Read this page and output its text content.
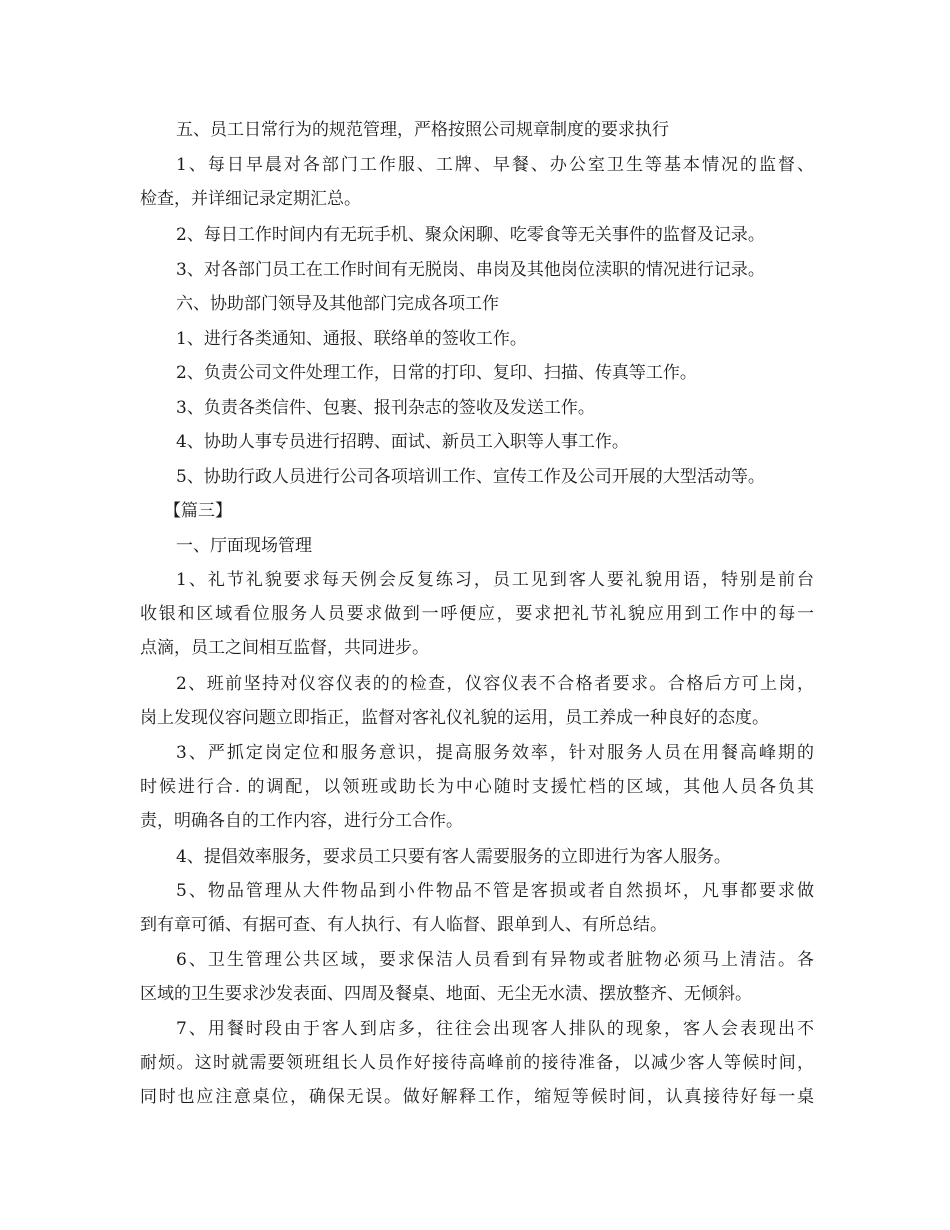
五、员工日常行为的规范管理，严格按照公司规章制度的要求执行
1、每日早晨对各部门工作服、工牌、早餐、办公室卫生等基本情况的监督、
检查，并详细记录定期汇总。
2、每日工作时间内有无玩手机、聚众闲聊、吃零食等无关事件的监督及记录。
3、对各部门员工在工作时间有无脱岗、串岗及其他岗位渎职的情况进行记录。
六、协助部门领导及其他部门完成各项工作
1、进行各类通知、通报、联络单的签收工作。
2、负责公司文件处理工作，日常的打印、复印、扫描、传真等工作。
3、负责各类信件、包裹、报刊杂志的签收及发送工作。
4、协助人事专员进行招聘、面试、新员工入职等人事工作。
5、协助行政人员进行公司各项培训工作、宣传工作及公司开展的大型活动等。
【篇三】
一、厅面现场管理
1、礼节礼貌要求每天例会反复练习，员工见到客人要礼貌用语，特别是前台
收银和区域看位服务人员要求做到一呼便应，要求把礼节礼貌应用到工作中的每一
点滴，员工之间相互监督，共同进步。
2、班前坚持对仪容仪表的的检查，仪容仪表不合格者要求。合格后方可上岗，
岗上发现仪容问题立即指正，监督对客礼仪礼貌的运用，员工养成一种良好的态度。
3、严抓定岗定位和服务意识，提高服务效率，针对服务人员在用餐高峰期的
时候进行合. 的调配，以领班或助长为中心随时支援忙档的区域，其他人员各负其
责，明确各自的工作内容，进行分工合作。
4、提倡效率服务，要求员工只要有客人需要服务的立即进行为客人服务。
5、物品管理从大件物品到小件物品不管是客损或者自然损坏，凡事都要求做
到有章可循、有据可查、有人执行、有人临督、跟单到人、有所总结。
6、卫生管理公共区域，要求保洁人员看到有异物或者脏物必须马上清洁。各
区域的卫生要求沙发表面、四周及餐桌、地面、无尘无水渍、摆放整齐、无倾斜。
7、用餐时段由于客人到店多，往往会出现客人排队的现象，客人会表现出不
耐烦。这时就需要领班组长人员作好接待高峰前的接待准备，以减少客人等候时间，
同时也应注意桌位，确保无误。做好解释工作，缩短等候时间，认真接待好每一桌
